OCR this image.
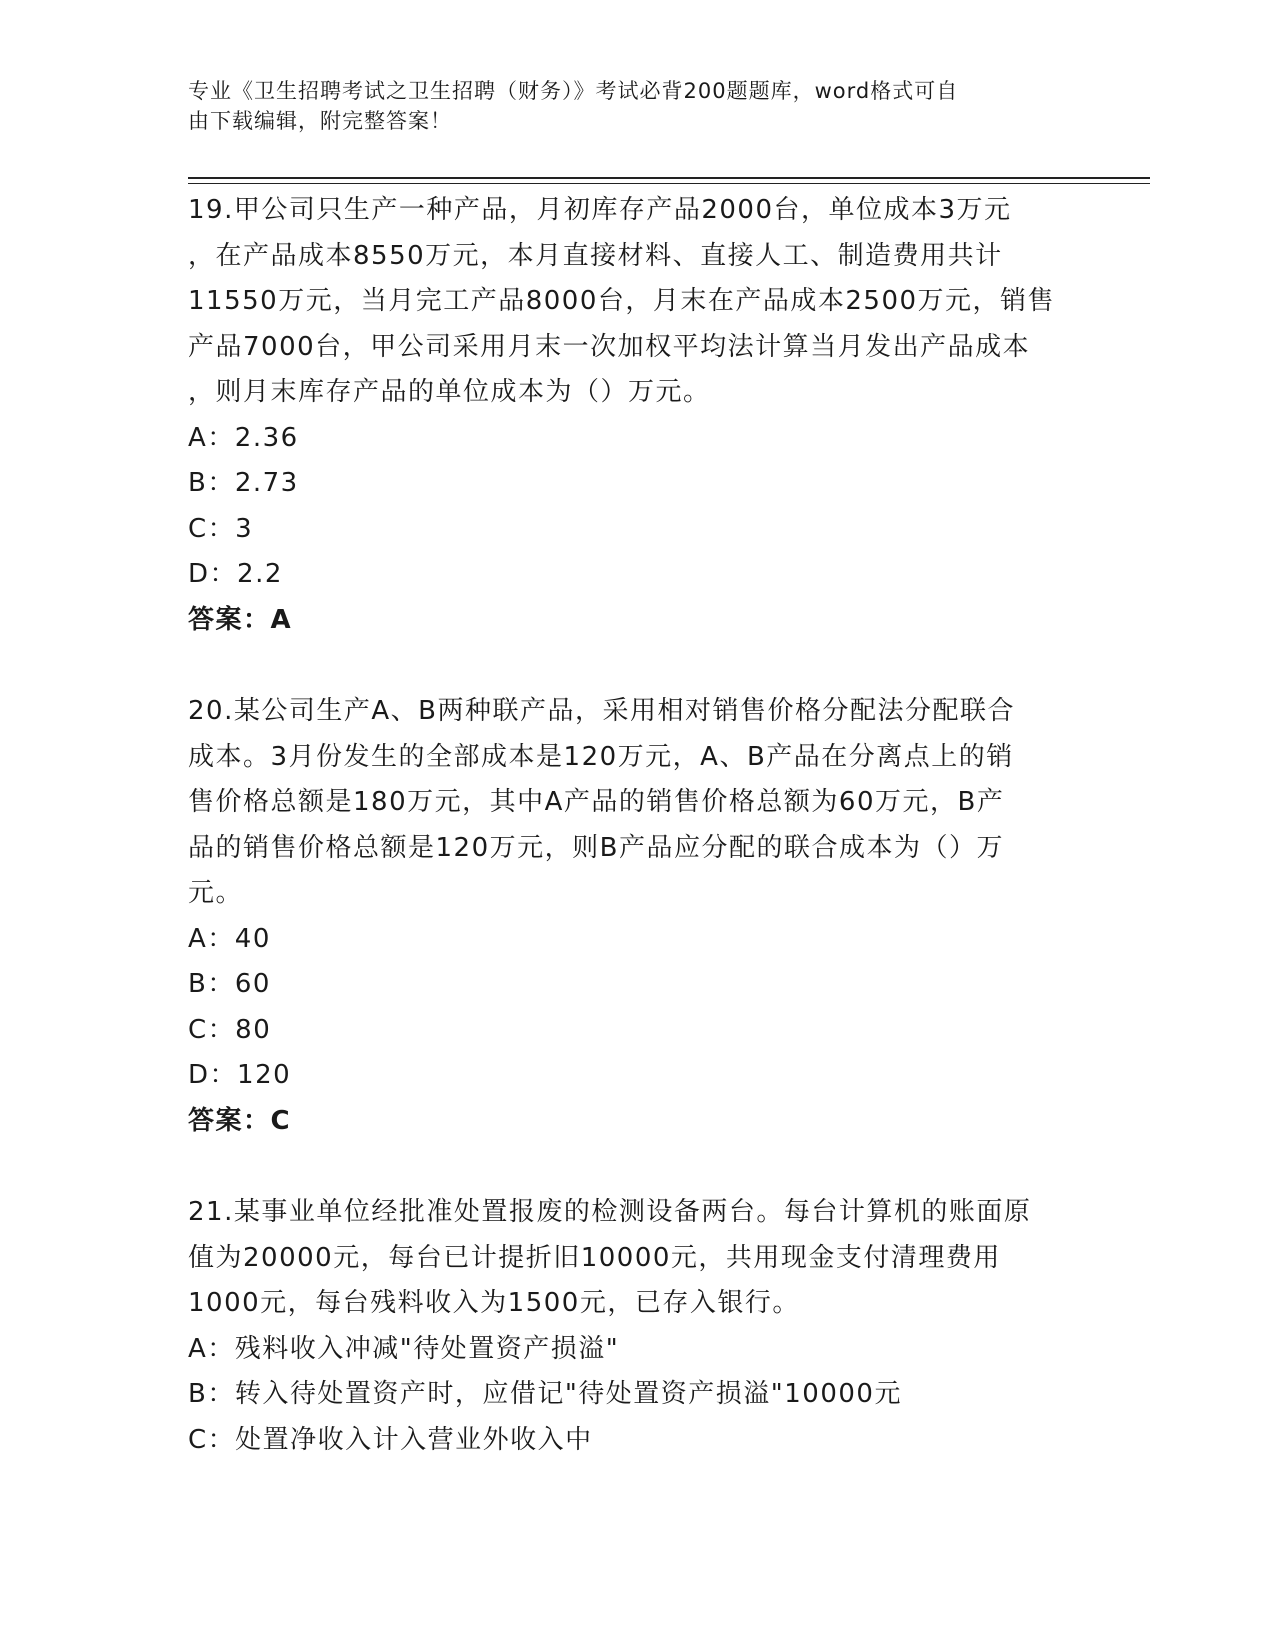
专业《卫生招聘考试之卫生招聘（财务）》考试必背200题题库，word格式可自
由下载编辑，附完整答案！
19.甲公司只生产一种产品，月初库存产品2000台，单位成本3万元
，在产品成本8550万元，本月直接材料、直接人工、制造费用共计
11550万元，当月完工产品8000台，月末在产品成本2500万元，销售
产品7000台，甲公司采用月末一次加权平均法计算当月发出产品成本
，则月末库存产品的单位成本为（）万元。
A：2.36
B：2.73
C：3
D：2.2
答案：A
20.某公司生产A、B两种联产品，采用相对销售价格分配法分配联合
成本。3月份发生的全部成本是120万元，A、B产品在分离点上的销
售价格总额是180万元，其中A产品的销售价格总额为60万元，B产
品的销售价格总额是120万元，则B产品应分配的联合成本为（）万
元。
A：40
B：60
C：80
D：120
答案：C
21.某事业单位经批准处置报废的检测设备两台。每台计算机的账面原
值为20000元，每台已计提折旧10000元，共用现金支付清理费用
1000元，每台残料收入为1500元，已存入银行。
A：残料收入冲减"待处置资产损溢"
B：转入待处置资产时，应借记"待处置资产损溢"10000元
C：处置净收入计入营业外收入中
